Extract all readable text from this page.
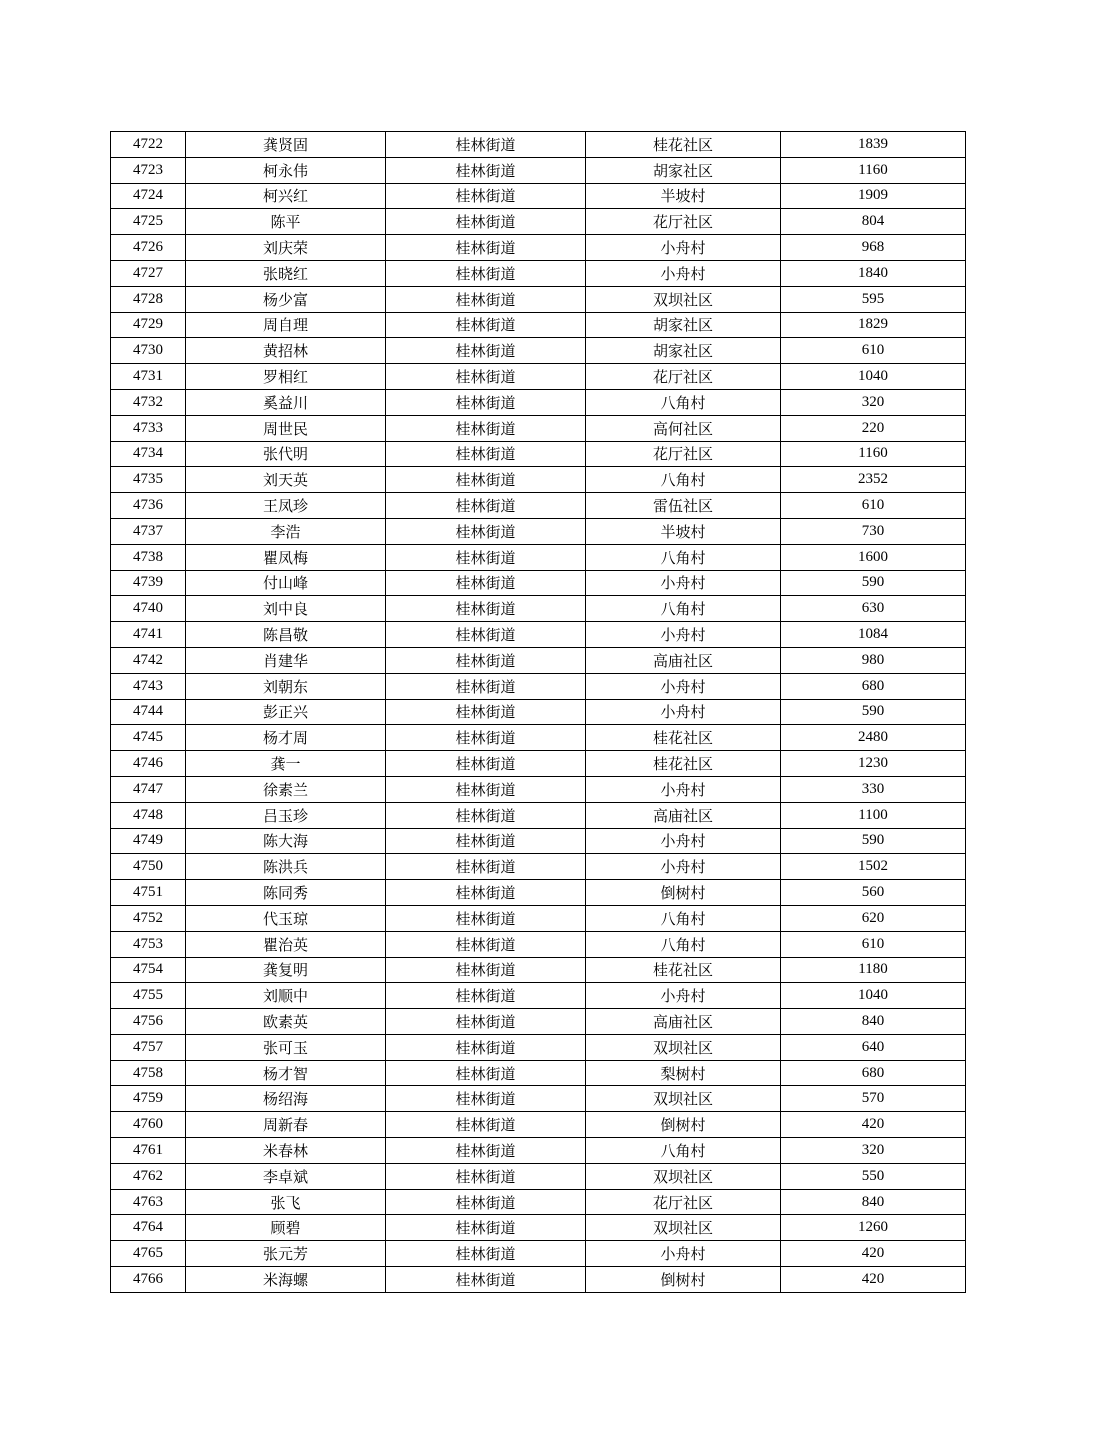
4722	龚贤固	桂林街道	桂花社区	1839
4723	柯永伟	桂林街道	胡家社区	1160
4724	柯兴红	桂林街道	半坡村	1909
4725	陈平	桂林街道	花厅社区	804
4726	刘庆荣	桂林街道	小舟村	968
4727	张晓红	桂林街道	小舟村	1840
4728	杨少富	桂林街道	双坝社区	595
4729	周自理	桂林街道	胡家社区	1829
4730	黄招林	桂林街道	胡家社区	610
4731	罗相红	桂林街道	花厅社区	1040
4732	奚益川	桂林街道	八角村	320
4733	周世民	桂林街道	高何社区	220
4734	张代明	桂林街道	花厅社区	1160
4735	刘天英	桂林街道	八角村	2352
4736	王凤珍	桂林街道	雷伍社区	610
4737	李浩	桂林街道	半坡村	730
4738	瞿凤梅	桂林街道	八角村	1600
4739	付山峰	桂林街道	小舟村	590
4740	刘中良	桂林街道	八角村	630
4741	陈昌敬	桂林街道	小舟村	1084
4742	肖建华	桂林街道	高庙社区	980
4743	刘朝东	桂林街道	小舟村	680
4744	彭正兴	桂林街道	小舟村	590
4745	杨才周	桂林街道	桂花社区	2480
4746	龚一	桂林街道	桂花社区	1230
4747	徐素兰	桂林街道	小舟村	330
4748	吕玉珍	桂林街道	高庙社区	1100
4749	陈大海	桂林街道	小舟村	590
4750	陈洪兵	桂林街道	小舟村	1502
4751	陈同秀	桂林街道	倒树村	560
4752	代玉琼	桂林街道	八角村	620
4753	瞿治英	桂林街道	八角村	610
4754	龚复明	桂林街道	桂花社区	1180
4755	刘顺中	桂林街道	小舟村	1040
4756	欧素英	桂林街道	高庙社区	840
4757	张可玉	桂林街道	双坝社区	640
4758	杨才智	桂林街道	梨树村	680
4759	杨绍海	桂林街道	双坝社区	570
4760	周新春	桂林街道	倒树村	420
4761	米春林	桂林街道	八角村	320
4762	李卓斌	桂林街道	双坝社区	550
4763	张飞	桂林街道	花厅社区	840
4764	顾碧	桂林街道	双坝社区	1260
4765	张元芳	桂林街道	小舟村	420
4766	米海螺	桂林街道	倒树村	420
